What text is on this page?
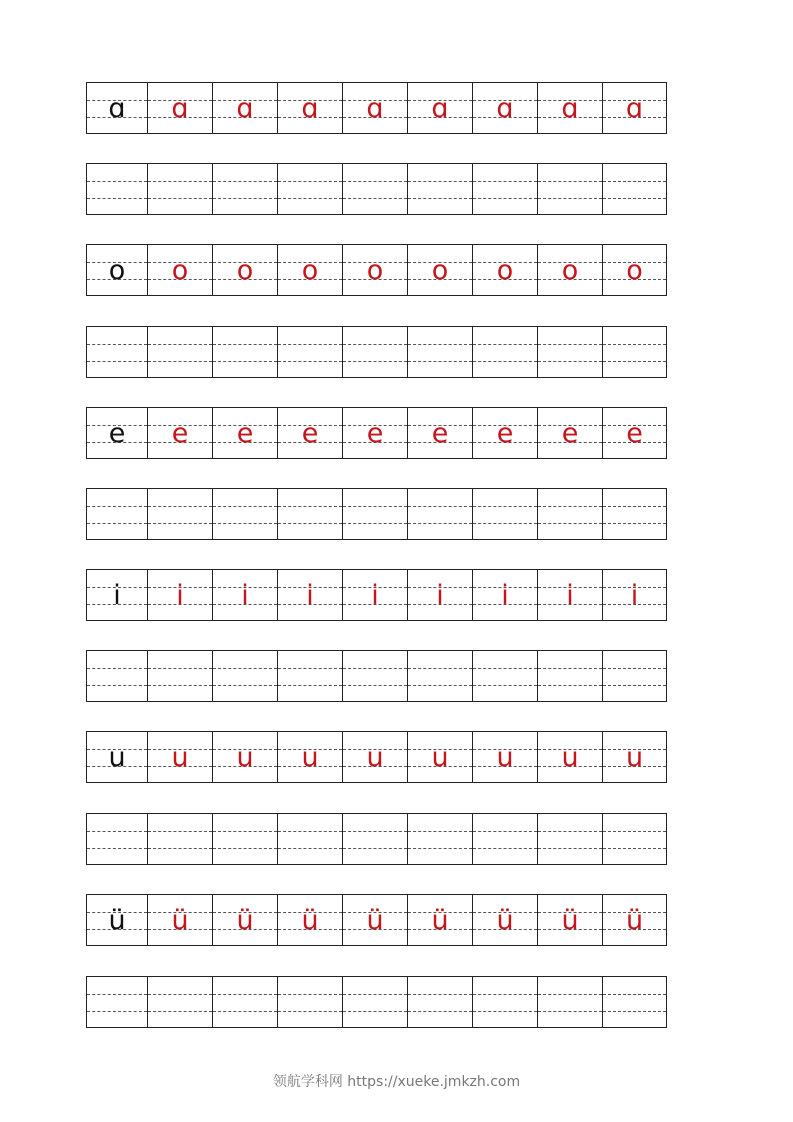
ɑ ɑ ɑ ɑ ɑ ɑ ɑ ɑ ɑ
o o o o o o o o o
e e e e e e e e e
i i i i i i i i i
u u u u u u u u u
ü ü ü ü ü ü ü ü ü
领航学科网 https://xueke.jmkzh.com
